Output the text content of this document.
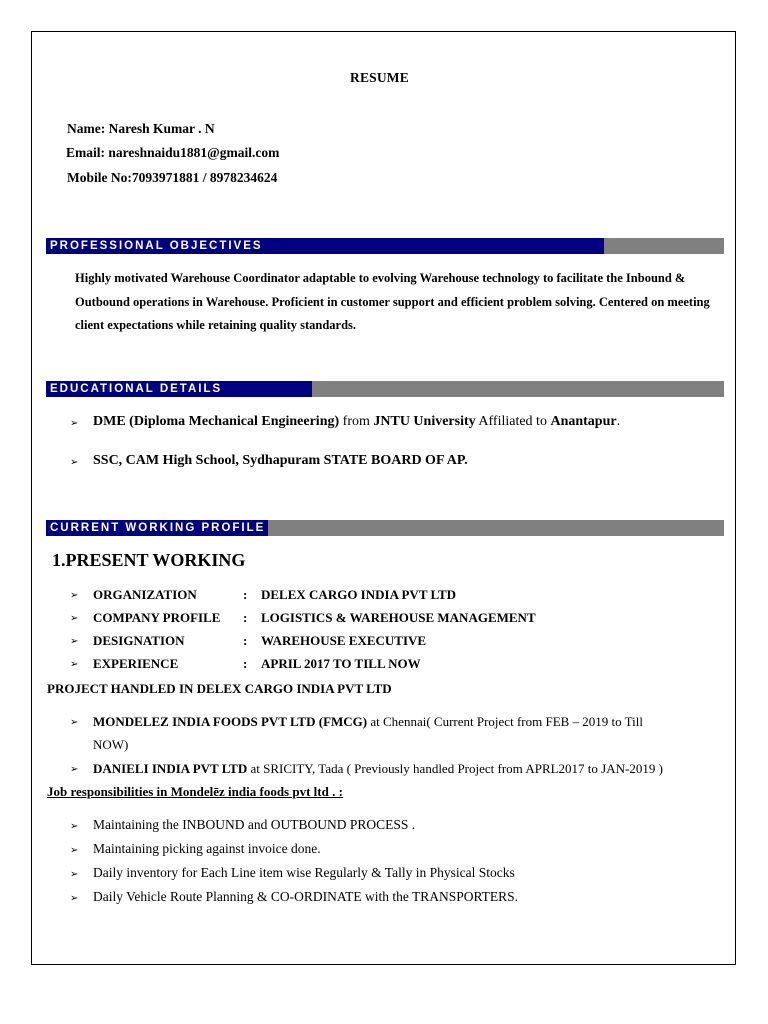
RESUME
Name: Naresh Kumar . N
Email: nareshnaidu1881@gmail.com
Mobile No:7093971881 / 8978234624
PROFESSIONAL OBJECTIVES
Highly motivated Warehouse Coordinator adaptable to evolving Warehouse technology to facilitate the Inbound & Outbound operations in Warehouse. Proficient in customer support and efficient problem solving. Centered on meeting client expectations while retaining quality standards.
EDUCATIONAL DETAILS
➢ DME (Diploma Mechanical Engineering) from JNTU University Affiliated to Anantapur.
➢ SSC, CAM High School, Sydhapuram STATE BOARD OF AP.
CURRENT WORKING PROFILE
1.PRESENT WORKING
➢ ORGANIZATION	: DELEX CARGO INDIA PVT LTD
➢ COMPANY PROFILE : LOGISTICS & WAREHOUSE MANAGEMENT
➢ DESIGNATION	: WAREHOUSE EXECUTIVE
➢ EXPERIENCE	: APRIL 2017 TO TILL NOW
PROJECT HANDLED IN DELEX CARGO INDIA PVT LTD
➢ MONDELEZ INDIA FOODS PVT LTD (FMCG) at Chennai( Current Project from FEB – 2019 to Till
NOW)
➢ DANIELI INDIA PVT LTD at SRICITY, Tada ( Previously handled Project from APRL2017 to JAN-2019 )
Job responsibilities in Mondelēz india foods pvt ltd . :
➢ Maintaining the INBOUND and OUTBOUND PROCESS .
➢ Maintaining picking against invoice done.
➢ Daily inventory for Each Line item wise Regularly & Tally in Physical Stocks
➢ Daily Vehicle Route Planning & CO-ORDINATE with the TRANSPORTERS.
